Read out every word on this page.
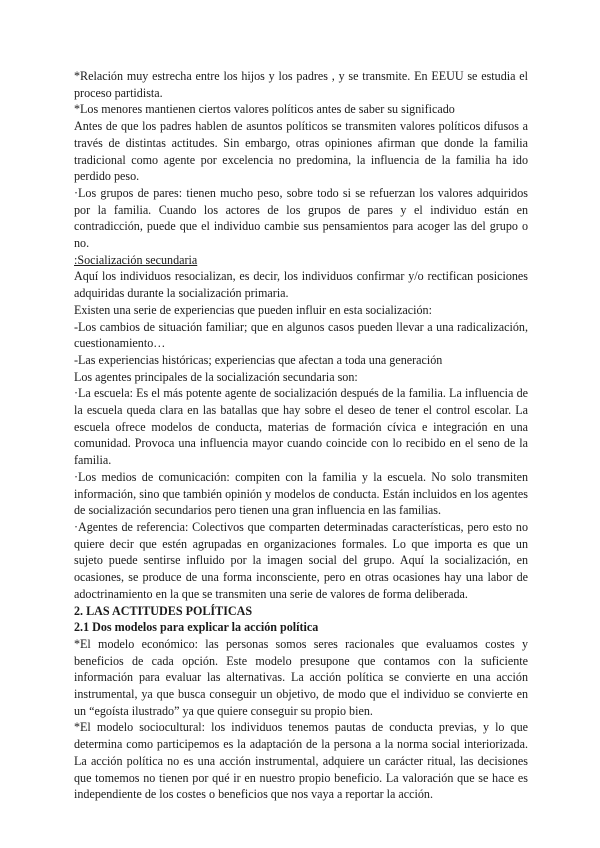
*Relación muy estrecha entre los hijos y los padres , y se transmite. En EEUU se estudia el proceso partidista.

*Los menores mantienen ciertos valores políticos antes de saber su significado

Antes de que los padres hablen de asuntos políticos se transmiten valores políticos difusos a través de distintas actitudes. Sin embargo, otras opiniones afirman que donde la familia tradicional como agente por excelencia no predomina, la influencia de la familia ha ido perdido peso.

·Los grupos de pares: tienen mucho peso, sobre todo si se refuerzan los valores adquiridos por la familia. Cuando los actores de los grupos de pares y el individuo están en contradicción, puede que el individuo cambie sus pensamientos para acoger las del grupo o no.

:Socialización secundaria

Aquí los individuos resocializan, es decir, los individuos confirmar y/o rectifican posiciones adquiridas durante la socialización primaria.

Existen una serie de experiencias que pueden influir en esta socialización:

-Los cambios de situación familiar; que en algunos casos pueden llevar a una radicalización, cuestionamiento…

-Las experiencias históricas; experiencias que afectan a toda una generación

Los agentes principales de la socialización secundaria son:

·La escuela: Es el más potente agente de socialización después de la familia. La influencia de la escuela queda clara en las batallas que hay sobre el deseo de tener el control escolar. La escuela ofrece modelos de conducta, materias de formación cívica e integración en una comunidad. Provoca una influencia mayor cuando coincide con lo recibido en el seno de la familia.

·Los medios de comunicación: compiten con la familia y la escuela. No solo transmiten información, sino que también opinión y modelos de conducta. Están incluidos en los agentes de socialización secundarios pero tienen una gran influencia en las familias.

·Agentes de referencia: Colectivos que comparten determinadas características, pero esto no quiere decir que estén agrupadas en organizaciones formales. Lo que importa es que un sujeto puede sentirse influido por la imagen social del grupo. Aquí la socialización, en ocasiones, se produce de una forma inconsciente, pero en otras ocasiones hay una labor de adoctrinamiento en la que se transmiten una serie de valores de forma deliberada.

2. LAS ACTITUDES POLÍTICAS

2.1 Dos modelos para explicar la acción política

*El modelo económico: las personas somos seres racionales que evaluamos costes y beneficios de cada opción. Este modelo presupone que contamos con la suficiente información para evaluar las alternativas. La acción política se convierte en una acción instrumental, ya que busca conseguir un objetivo, de modo que el individuo se convierte en un “egoísta ilustrado” ya que quiere conseguir su propio bien.

*El modelo sociocultural: los individuos tenemos pautas de conducta previas, y lo que determina como participemos es la adaptación de la persona a la norma social interiorizada. La acción política no es una acción instrumental, adquiere un carácter ritual, las decisiones que tomemos no tienen por qué ir en nuestro propio beneficio. La valoración que se hace es independiente de los costes o beneficios que nos vaya a reportar la acción.
